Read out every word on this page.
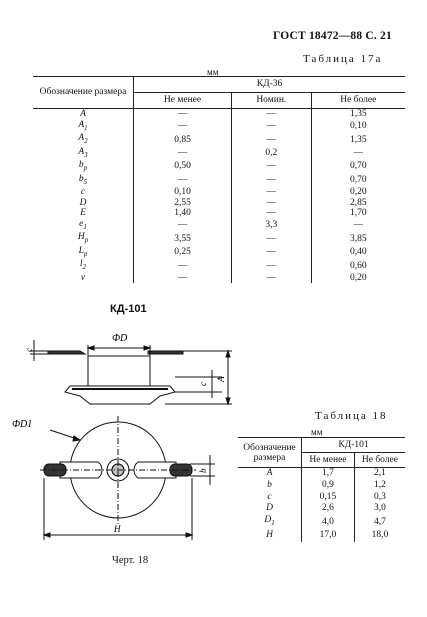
ГОСТ 18472—88 С. 21
Таблица 17а
мм
Обозначение размера	КД-36		
	Не менее	Номин.	Не более
A	—	—	1,35
$A_1$	—	—	0,10
$A_2$	0,85	—	1,35
$A_3$	—	0,2	—
$b_p$	0,50	—	0,70
$b_5$	—	—	0,70
c	0,10	—	0,20
D	2,55	—	2,85
E	1,40	—	1,70
$e_1$	—	3,3	—
$H_p$	3,55	—	3,85
$L_p$	0,25	—	0,40
$l_2$	—	—	0,60
v	—	—	0,20
КД-101
ФD
c
c
A
ФD1
H
b
Черт. 18
Таблица 18
мм
Обозначение размера	КД-101	
	Не менее	Не более
A	1,7	2,1
b	0,9	1,2
c	0,15	0,3
D	2,6	3,0
$D_1$	4,0	4,7
H	17,0	18,0
